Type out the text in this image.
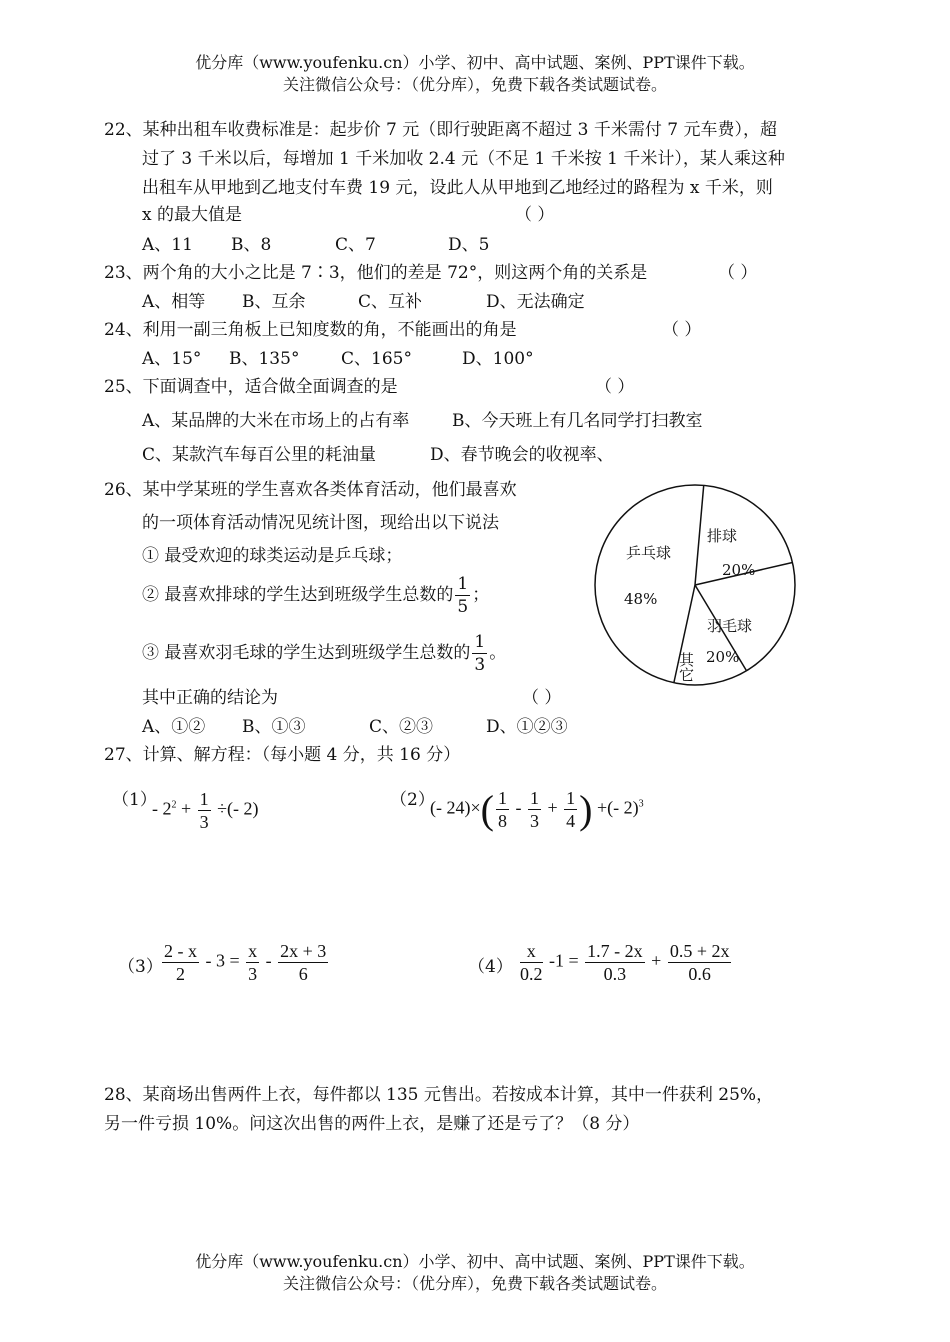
优分库（www.youfenku.cn）小学、初中、高中试题、案例、PPT课件下载。
关注微信公众号：（优分库），免费下载各类试题试卷。
22、某种出租车收费标准是：起步价 7 元（即行驶距离不超过 3 千米需付 7 元车费），超
过了 3 千米以后，每增加 1 千米加收 2.4 元（不足 1 千米按 1 千米计），某人乘这种
出租车从甲地到乙地支付车费 19 元，设此人从甲地到乙地经过的路程为 x 千米，则
x 的最大值是	（ ）
A、11 B、8	C、7	D、5
23、两个角的大小之比是 7∶3，他们的差是 72°，则这两个角的关系是	（ ）
A、相等 B、互余	C、互补	D、无法确定
24、利用一副三角板上已知度数的角，不能画出的角是	（ ）
A、15° B、135° C、165°	D、100°
25、下面调查中，适合做全面调查的是	（ ）
A、某品牌的大米在市场上的占有率	B、今天班上有几名同学打扫教室
C、某款汽车每百公里的耗油量	D、春节晚会的收视率、
26、某中学某班的学生喜欢各类体育活动，他们最喜欢
的一项体育活动情况见统计图，现给出以下说法
① 最受欢迎的球类运动是乒乓球；
② 最喜欢排球的学生达到班级学生总数的 $\frac{1}{5}$ ；
③ 最喜欢羽毛球的学生达到班级学生总数的 $\frac{1}{3}$ 。
其中正确的结论为	（ ）
A、①② B、①③	C、②③	D、①②③
乒乓球
48%
排球
20%
羽毛球
20%
其它
27、计算、解方程：（每小题 4 分，共 16 分）
（1）
- $2^2 + \frac{1}{3}$ ÷(- 2)	（2）
(- $24)\times( \frac{1}{8} - \frac{1}{3} + \frac{1}{4}$ ) +(- 2)$^3$
$(3) \frac{2 - x}{2} - 3 = \frac{x}{3} - \frac{2x + 3}{6}$	$(4) \frac{x}{0.2} -1 = \frac{1.7 - 2x}{0.3} + \frac{0.5 + 2x}{0.6}$
28、某商场出售两件上衣，每件都以 135 元售出。若按成本计算，其中一件获利 25%，
另一件亏损 10%。问这次出售的两件上衣，是赚了还是亏了？（8 分）
优分库（www.youfenku.cn）小学、初中、高中试题、案例、PPT课件下载。
关注微信公众号：（优分库），免费下载各类试题试卷。
